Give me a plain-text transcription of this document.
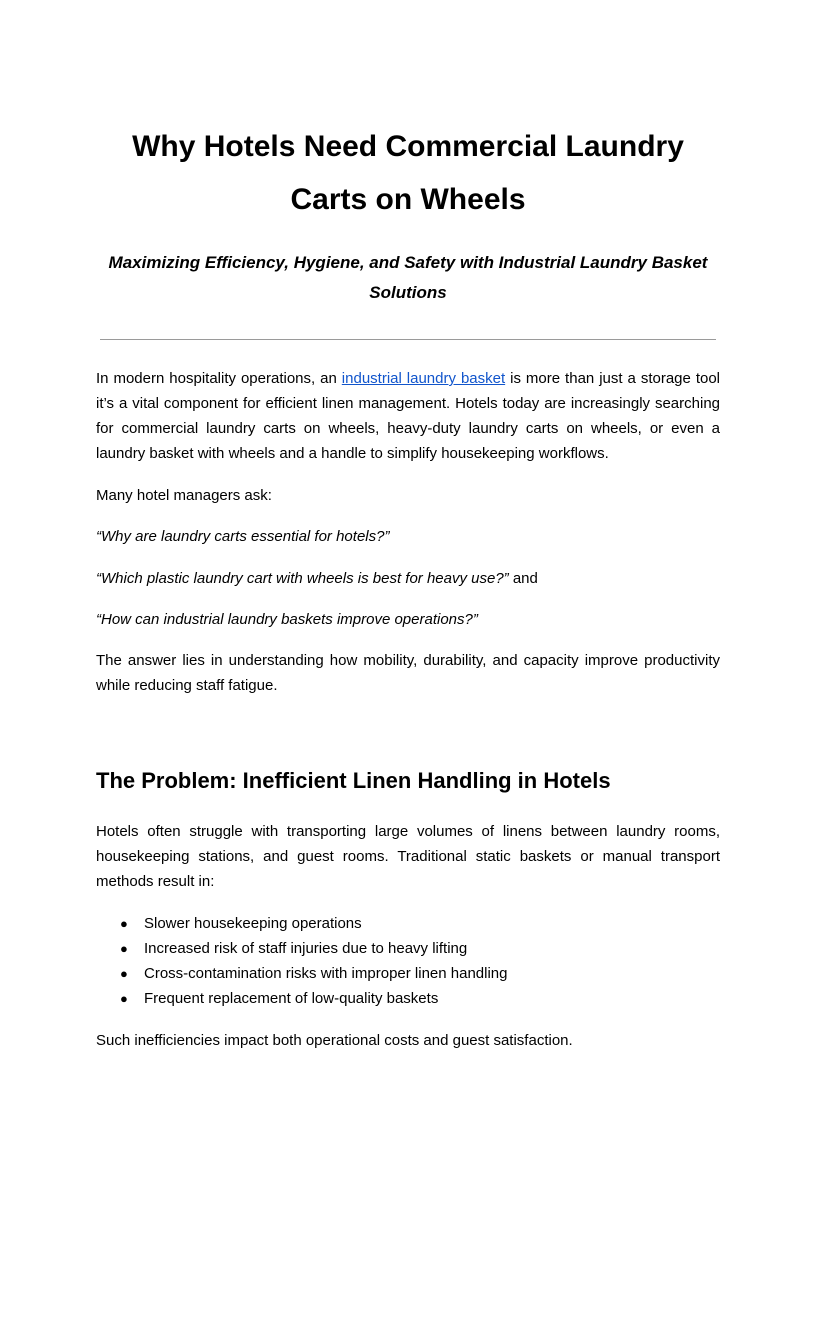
Why Hotels Need Commercial Laundry Carts on Wheels

Maximizing Efficiency, Hygiene, and Safety with Industrial Laundry Basket Solutions

In modern hospitality operations, an industrial laundry basket is more than just a storage tool it’s a vital component for efficient linen management. Hotels today are increasingly searching for commercial laundry carts on wheels, heavy-duty laundry carts on wheels, or even a laundry basket with wheels and a handle to simplify housekeeping workflows.

Many hotel managers ask:

“Why are laundry carts essential for hotels?”

“Which plastic laundry cart with wheels is best for heavy use?” and

“How can industrial laundry baskets improve operations?”

The answer lies in understanding how mobility, durability, and capacity improve productivity while reducing staff fatigue.

The Problem: Inefficient Linen Handling in Hotels

Hotels often struggle with transporting large volumes of linens between laundry rooms, housekeeping stations, and guest rooms. Traditional static baskets or manual transport methods result in:

● Slower housekeeping operations
● Increased risk of staff injuries due to heavy lifting
● Cross-contamination risks with improper linen handling
● Frequent replacement of low-quality baskets

Such inefficiencies impact both operational costs and guest satisfaction.
